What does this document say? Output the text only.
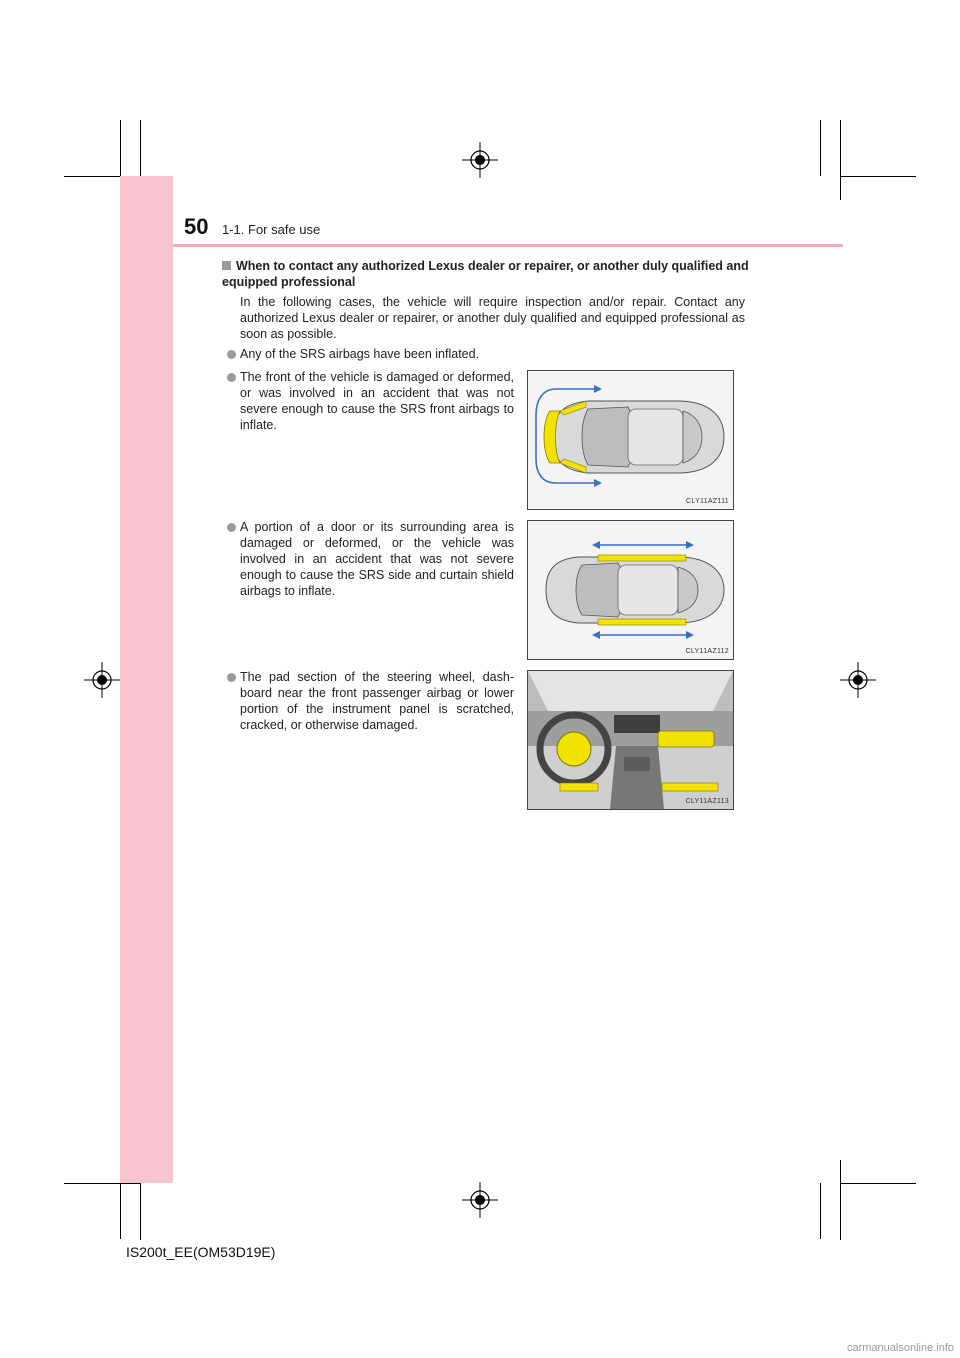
50 1-1. For safe use
When to contact any authorized Lexus dealer or repairer, or another duly qualified and equipped professional
In the following cases, the vehicle will require inspection and/or repair. Contact any authorized Lexus dealer or repairer, or another duly qualified and equipped professional as soon as possible.
Any of the SRS airbags have been inflated.
The front of the vehicle is damaged or deformed, or was involved in an accident that was not severe enough to cause the SRS front airbags to inflate.
A portion of a door or its surrounding area is damaged or deformed, or the vehicle was involved in an accident that was not severe enough to cause the SRS side and curtain shield airbags to inflate.
The pad section of the steering wheel, dash-board near the front passenger airbag or lower portion of the instrument panel is scratched, cracked, or otherwise damaged.
CLY11AZ111
CLY11AZ112
CLY11AZ113
IS200t_EE(OM53D19E)
carmanualsonline.info
